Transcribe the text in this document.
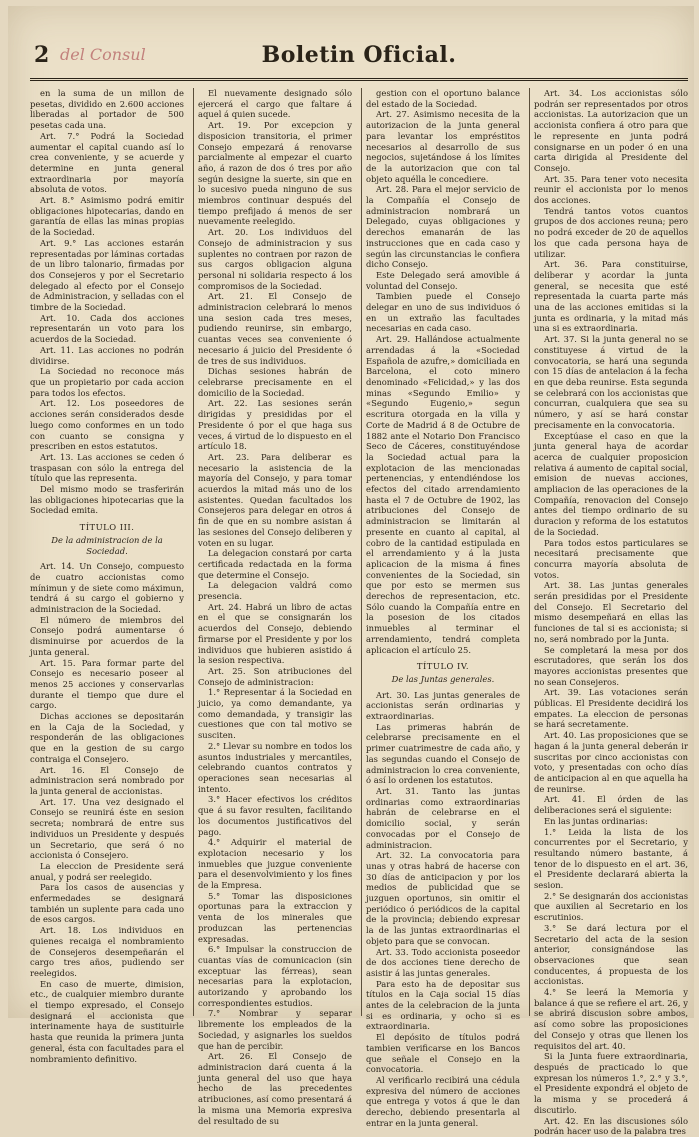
2 del Consul	Boletin Oficial.

en la suma de un millon de pesetas, dividido en 2.600 acciones liberadas al portador de 500 pesetas cada una.

Art. 7.° Podrá la Sociedad aumentar el capital cuando así lo crea conveniente, y se acuerde y determine en junta general extraordinaria por mayoría absoluta de votos.

Art. 8.° Asimismo podrá emitir obligaciones hipotecarias, dando en garantía de ellas las minas propias de la Sociedad.

Art. 9.° Las acciones estarán representadas por láminas cortadas de un libro talonario, firmadas por dos Consejeros y por el Secretario delegado al efecto por el Consejo de Administracion, y selladas con el timbre de la Sociedad.

Art. 10. Cada dos acciones representarán un voto para los acuerdos de la Sociedad.

Art. 11. Las acciones no podrán dividirse.

La Sociedad no reconoce más que un propietario por cada accion para todos los efectos.

Art. 12. Los poseedores de acciones serán considerados desde luego como conformes en un todo con cuanto se consigna y prescriben en estos estatutos.

Art. 13. Las acciones se ceden ó traspasan con sólo la entrega del título que las representa.

Del mismo modo se trasferirán las obligaciones hipotecarias que la Sociedad emita.

TÍTULO III.

De la administracion de la Sociedad.

Art. 14. Un Consejo, compuesto de cuatro accionistas como mínimun y de siete como máximun, tendrá á su cargo el gobierno y administracion de la Sociedad.

El número de miembros del Consejo podrá aumentarse ó disminuirse por acuerdos de la junta general.

Art. 15. Para formar parte del Consejo es necesario poseer al menos 25 acciones y conservarlas durante el tiempo que dure el cargo.

Dichas acciones se depositarán en la Caja de la Sociedad, y responderán de las obligaciones que en la gestion de su cargo contraiga el Consejero.

Art. 16. El Consejo de administracion será nombrado por la junta general de accionistas.

Art. 17. Una vez designado el Consejo se reunirá éste en sesion secreta; nombrará de entre sus individuos un Presidente y después un Secretario, que será ó no accionista ó Consejero.

La eleccion de Presidente será anual, y podrá ser reelegido.

Para los casos de ausencias y enfermedades se designará también un suplente para cada uno de esos cargos.

Art. 18. Los individuos en quienes recaiga el nombramiento de Consejeros desempeñarán el cargo tres años, pudiendo ser reelegidos.

En caso de muerte, dimision, etc., de cualquier miembro durante el tiempo expresado, el Consejo designará el accionista que interinamente haya de sustituirle hasta que reunida la primera junta general, ésta con facultades para el nombramiento definitivo.

El nuevamente designado sólo ejercerá el cargo que faltare á aquel á quien sucede.

Art. 19. Por excepcion y disposicion transitoria, el primer Consejo empezará á renovarse parcialmente al empezar el cuarto año, á razon de dos ó tres por año según designe la suerte, sin que en lo sucesivo pueda ninguno de sus miembros continuar después del tiempo prefijado á menos de ser nuevamente reelegido.

Art. 20. Los individuos del Consejo de administracion y sus suplentes no contraen por razon de sus cargos obligacion alguna personal ni solidaria respecto á los compromisos de la Sociedad.

Art. 21. El Consejo de administracion celebrará lo menos una sesion cada tres meses, pudiendo reunirse, sin embargo, cuantas veces sea conveniente ó necesario á juicio del Presidente ó de tres de sus individuos.

Dichas sesiones habrán de celebrarse precisamente en el domicilio de la Sociedad.

Art. 22. Las sesiones serán dirigidas y presididas por el Presidente ó por el que haga sus veces, á virtud de lo dispuesto en el artículo 18.

Art. 23. Para deliberar es necesario la asistencia de la mayoría del Consejo, y para tomar acuerdos la mitad más uno de los asistentes. Quedan facultados los Consejeros para delegar en otros á fin de que en su nombre asistan á las sesiones del Consejo deliberen y voten en su lugar.

La delegacion constará por carta certificada redactada en la forma que determine el Consejo.

La delegacion valdrá como presencia.

Art. 24. Habrá un libro de actas en el que se consignarán los acuerdos del Consejo, debiendo firmarse por el Presidente y por los individuos que hubieren asistido á la sesion respectiva.

Art. 25. Son atribuciones del Consejo de administracion:

1.° Representar á la Sociedad en juicio, ya como demandante, ya como demandada, y transigir las cuestiones que con tal motivo se susciten.

2.° Llevar su nombre en todos los asuntos industriales y mercantiles, celebrando cuantos contratos y operaciones sean necesarias al intento.

3.° Hacer efectivos los créditos que á su favor resulten, facilitando los documentos justificativos del pago.

4.° Adquirir el material de explotacion necesario y los inmuebles que juzgue conveniente para el desenvolvimiento y los fines de la Empresa.

5.° Tomar las disposiciones oportunas para la extraccion y venta de los minerales que produzcan las pertenencias expresadas.

6.° Impulsar la construccion de cuantas vías de comunicacion (sin exceptuar las férreas), sean necesarias para la explotacion, autorizando y aprobando los correspondientes estudios.

7.° Nombrar y separar libremente los empleados de la Sociedad, y asignarles los sueldos que han de percibir.

Art. 26. El Consejo de administracion dará cuenta á la junta general del uso que haya hecho de las precedentes atribuciones, así como presentará á la misma una Memoria expresiva del resultado de su

gestion con el oportuno balance del estado de la Sociedad.

Art. 27. Asimismo necesita de la autorizacion de la junta general para levantar los empréstitos necesarios al desarrollo de sus negocios, sujetándose á los límites de la autorizacion que con tal objeto aquélla le concediere.

Art. 28. Para el mejor servicio de la Compañía el Consejo de administracion nombrará un Delegado, cuyas obligaciones y derechos emanarán de las instrucciones que en cada caso y según las circunstancias le confiera dicho Consejo.

Este Delegado será amovible á voluntad del Consejo.

Tambien puede el Consejo delegar en uno de sus individuos ó en un extraño las facultades necesarias en cada caso.

Art. 29. Hallándose actualmente arrendadas á la «Sociedad Española de azufre,» domiciliada en Barcelona, el coto minero denominado «Felicidad,» y las dos minas «Segundo Emilio» y «Segundo Eugenio,» segun escritura otorgada en la villa y Corte de Madrid á 8 de Octubre de 1882 ante el Notario Don Francisco Seco de Cáceres, constituyéndose la Sociedad actual para la explotacion de las mencionadas pertenencias, y entendiéndose los efectos del citado arrendamiento hasta el 7 de Octubre de 1902, las atribuciones del Consejo de administracion se limitarán al presente en cuanto al capital, al cobro de la cantidad estipulada en el arrendamiento y á la justa aplicacion de la misma á fines convenientes de la Sociedad, sin que por esto se mermen sus derechos de representacion, etc. Sólo cuando la Compañía entre en la posesion de los citados inmuebles al terminar el arrendamiento, tendrá completa aplicacion el artículo 25.

TÍTULO IV.

De las Juntas generales.

Art. 30. Las juntas generales de accionistas serán ordinarias y extraordinarias.

Las primeras habrán de celebrarse precisamente en el primer cuatrimestre de cada año, y las segundas cuando el Consejo de administracion lo crea conveniente, ó así lo ordenen los estatutos.

Art. 31. Tanto las juntas ordinarias como extraordinarias habrán de celebrarse en el domicilio social, y serán convocadas por el Consejo de administracion.

Art. 32. La convocatoria para unas y otras habrá de hacerse con 30 días de anticipacion y por los medios de publicidad que se juzguen oportunos, sin omitir el periódico ó periódicos de la capital de la provincia; debiendo expresar la de las juntas extraordinarias el objeto para que se convocan.

Art. 33. Todo accionista poseedor de dos acciones tiene derecho de asistir á las juntas generales.

Para esto ha de depositar sus títulos en la Caja social 15 días antes de la celebracion de la junta si es ordinaria, y ocho si es extraordinaria.

El depósito de títulos podrá tambien verificarse en los Bancos que señale el Consejo en la convocatoria.

Al verificarlo recibirá una cédula expresiva del número de acciones que entrega y votos á que le dan derecho, debiendo presentarla al entrar en la junta general.

Art. 34. Los accionistas sólo podrán ser representados por otros accionistas. La autorizacion que un accionista confiera á otro para que le represente en junta podrá consignarse en un poder ó en una carta dirigida al Presidente del Consejo.

Art. 35. Para tener voto necesita reunir el accionista por lo menos dos acciones.

Tendrá tantos votos cuantos grupos de dos acciones reuna; pero no podrá exceder de 20 de aquellos los que cada persona haya de utilizar.

Art. 36. Para constituirse, deliberar y acordar la junta general, se necesita que esté representada la cuarta parte más una de las acciones emitidas si la junta es ordinaria, y la mitad más una si es extraordinaria.

Art. 37. Si la junta general no se constituyese á virtud de la convocatoria, se hará una segunda con 15 días de antelacion á la fecha en que deba reunirse. Esta segunda se celebrará con los accionistas que concurran, cualquiera que sea su número, y así se hará constar precisamente en la convocatoria.

Exceptúase el caso en que la junta general haya de acordar acerca de cualquier proposicion relativa á aumento de capital social, emision de nuevas acciones, ampliacion de las operaciones de la Compañía, renovacion del Consejo antes del tiempo ordinario de su duracion y reforma de los estatutos de la Sociedad.

Para todos estos particulares se necesitará precisamente que concurra mayoría absoluta de votos.

Art. 38. Las juntas generales serán presididas por el Presidente del Consejo. El Secretario del mismo desempeñará en ellas las funciones de tal si es accionista; si no, será nombrado por la Junta.

Se completará la mesa por dos escrutadores, que serán los dos mayores accionistas presentes que no sean Consejeros.

Art. 39. Las votaciones serán públicas. El Presidente decidirá los empates. La eleccion de personas se hará secretamente.

Art. 40. Las proposiciones que se hagan á la junta general deberán ir suscritas por cinco accionistas con voto, y presentadas con ocho días de anticipacion al en que aquella ha de reunirse.

Art. 41. El órden de las deliberaciones será el siguiente:

En las juntas ordinarias:

1.° Leida la lista de los concurrentes por el Secretario, y resultando número bastante, á tenor de lo dispuesto en el art. 36, el Presidente declarará abierta la sesion.

2.° Se designarán dos accionistas que auxilien al Secretario en los escrutinios.

3.° Se dará lectura por el Secretario del acta de la sesion anterior, consignándose las observaciones que sean conducentes, á propuesta de los accionistas.

4.° Se leerá la Memoria y balance á que se refiere el art. 26, y se abrirá discusion sobre ambos, así como sobre las proposiciones del Consejo y otras que llenen los requisitos del art. 40.

Si la Junta fuere extraordinaria, después de practicado lo que expresan los números 1.°, 2.° y 3.°, el Presidente expondrá el objeto de la misma y se procederá á discutirlo.

Art. 42. En las discusiones sólo podrán hacer uso de la palabra tres
